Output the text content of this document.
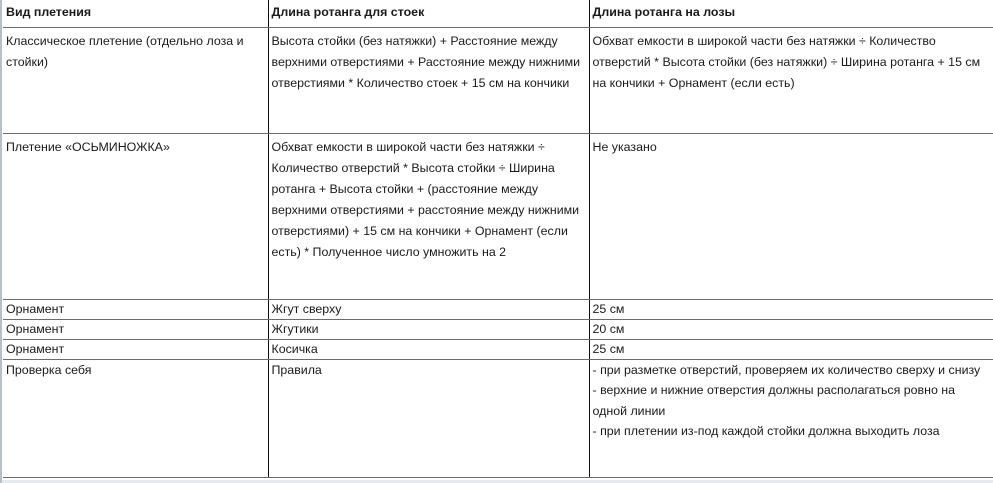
Вид плетения	Длина ротанга для стоек	Длина ротанга на лозы
Классическое плетение (отдельно лоза и стойки)	Высота стойки (без натяжки) + Расстояние между верхними отверстиями + Расстояние между нижними отверстиями * Количество стоек + 15 см на кончики	Обхват емкости в широкой части без натяжки ÷ Количество отверстий * Высота стойки (без натяжки) ÷ Ширина ротанга + 15 см на кончики + Орнамент (если есть)
Плетение «ОСЬМИНОЖКА»	Обхват емкости в широкой части без натяжки ÷ Количество отверстий * Высота стойки ÷ Ширина ротанга + Высота стойки + (расстояние между верхними отверстиями + расстояние между нижними отверстиями) + 15 см на кончики + Орнамент (если есть) * Полученное число умножить на 2	Не указано
Орнамент	Жгут сверху	25 см
Орнамент	Жгутики	20 см
Орнамент	Косичка	25 см
Проверка себя	Правила	- при разметке отверстий, проверяем их количество сверху и снизу
- верхние и нижние отверстия должны располагаться ровно на одной линии
- при плетении из-под каждой стойки должна выходить лоза
